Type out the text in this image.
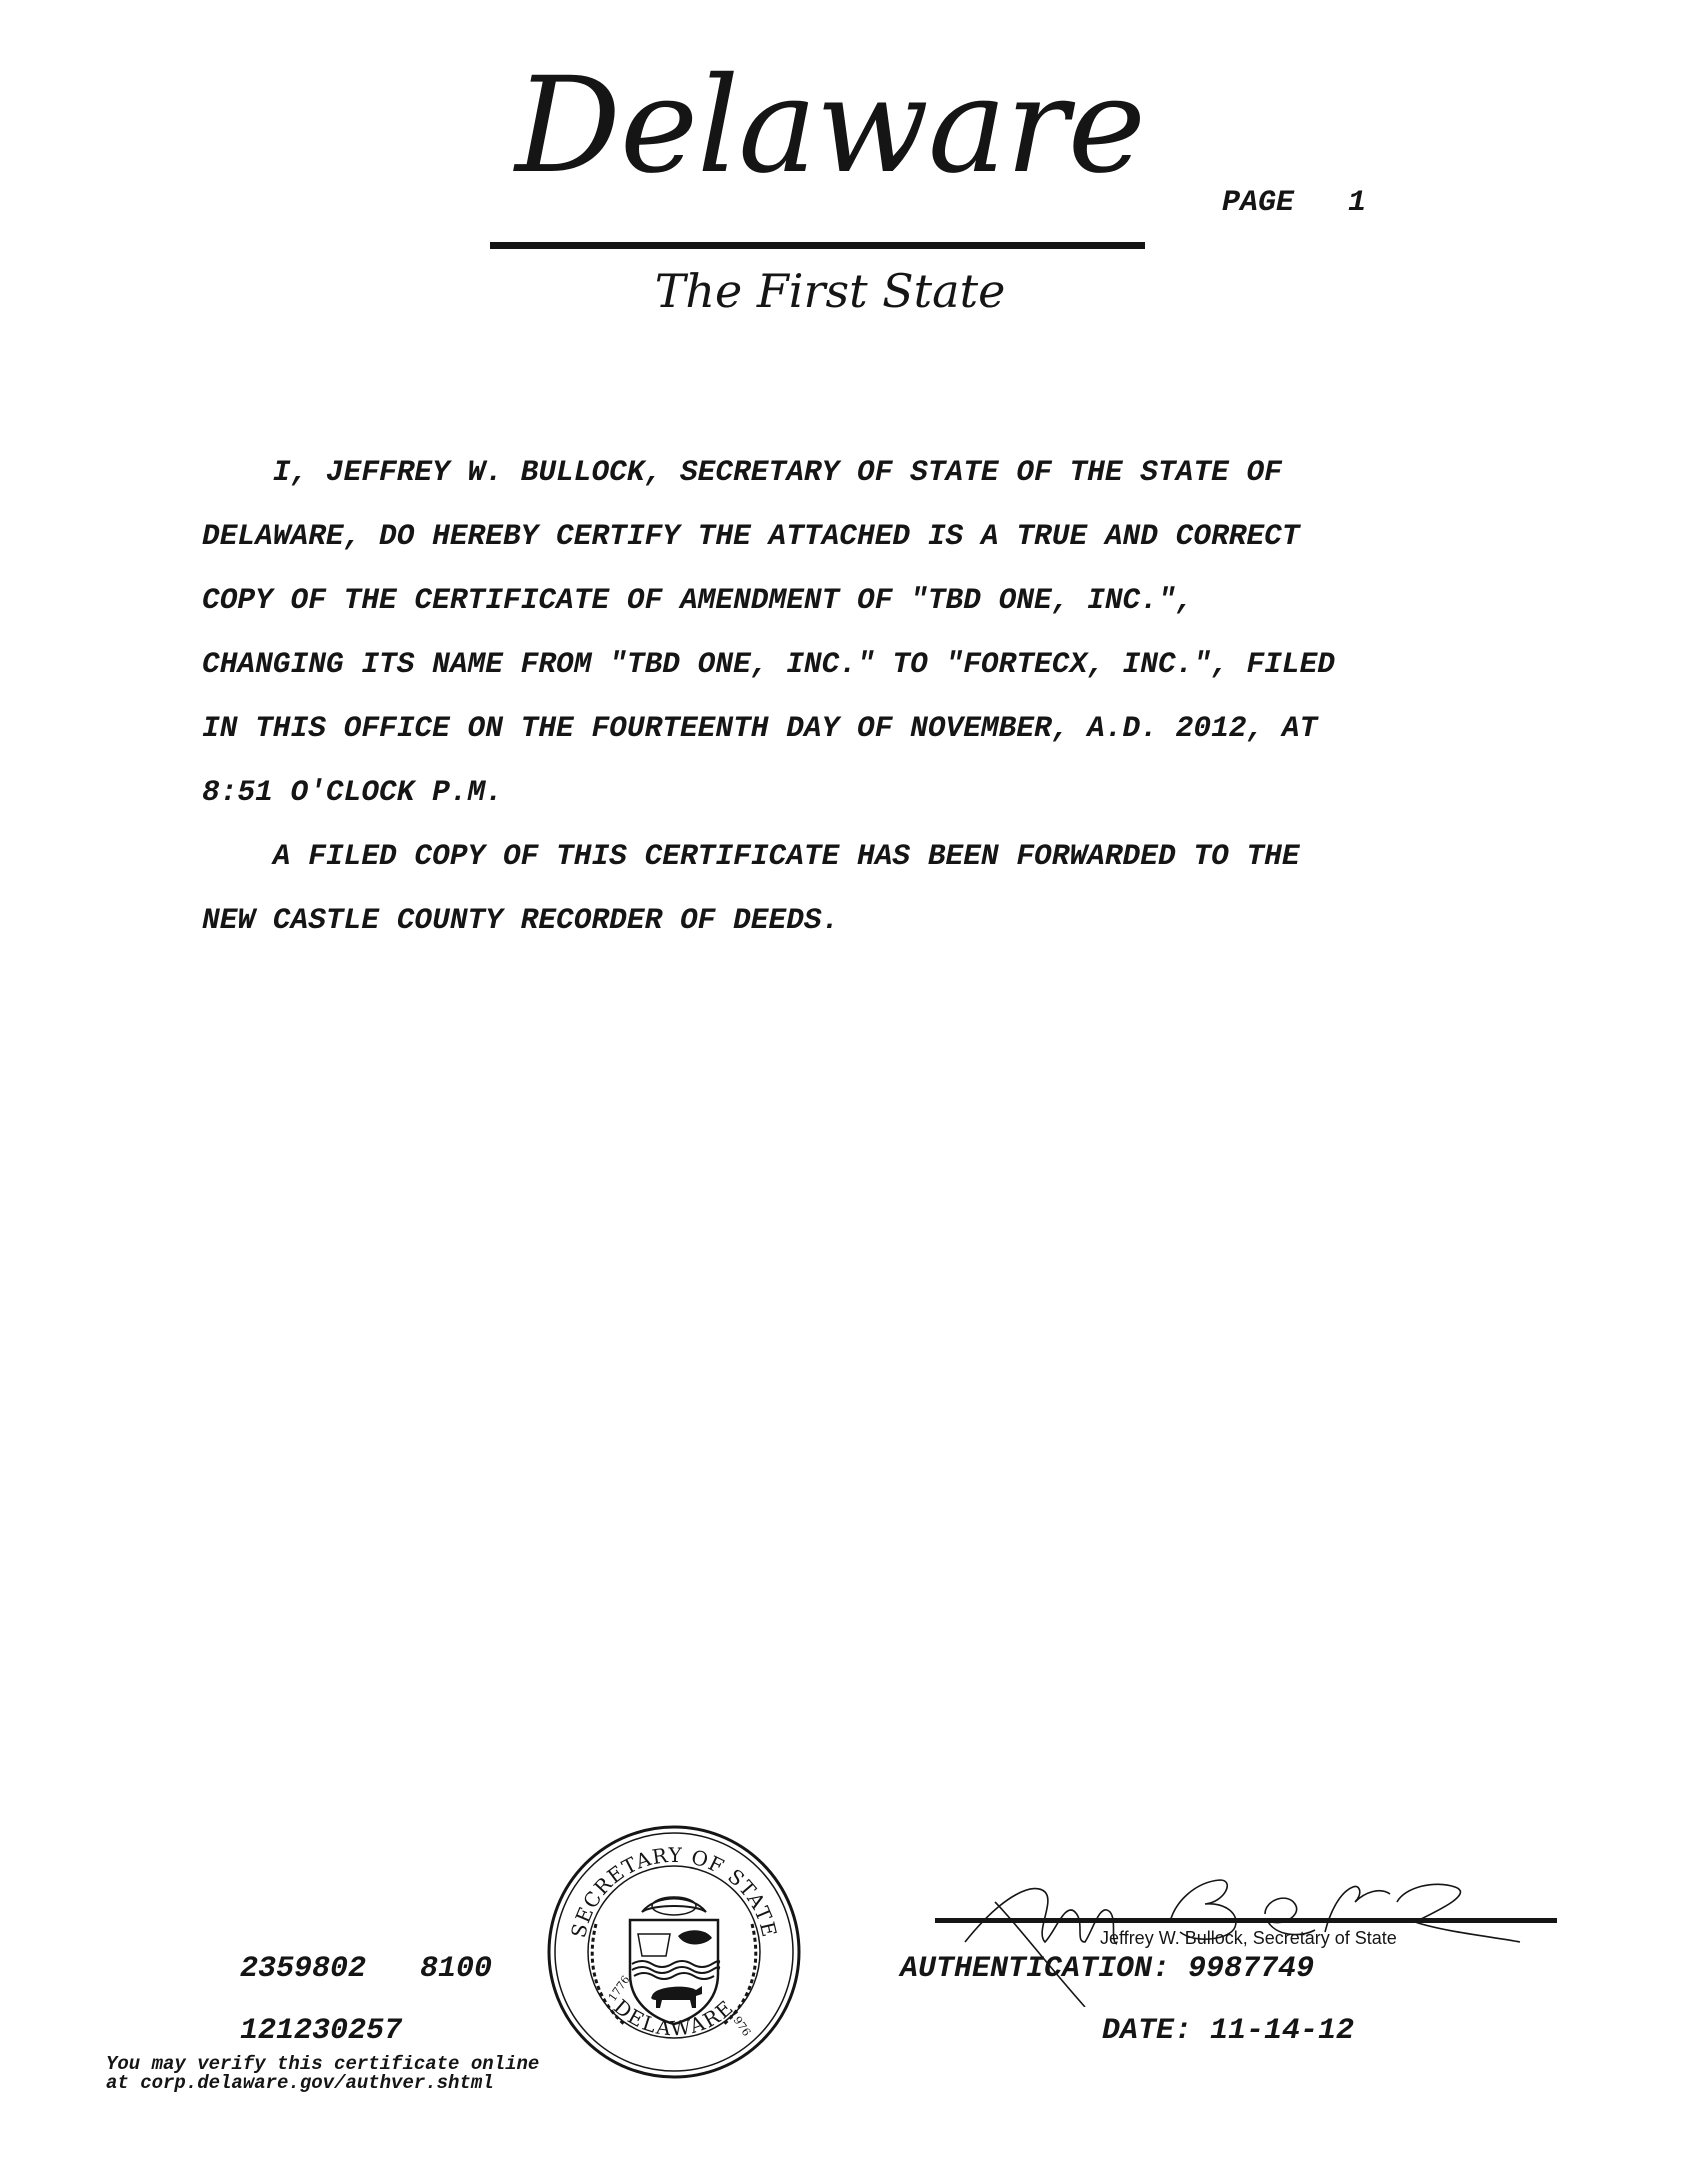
Delaware
The First State
PAGE   1
I, JEFFREY W. BULLOCK, SECRETARY OF STATE OF THE STATE OF
DELAWARE, DO HEREBY CERTIFY THE ATTACHED IS A TRUE AND CORRECT
COPY OF THE CERTIFICATE OF AMENDMENT OF "TBD ONE, INC.",
CHANGING ITS NAME FROM "TBD ONE, INC." TO "FORTECX, INC.", FILED
IN THIS OFFICE ON THE FOURTEENTH DAY OF NOVEMBER, A.D. 2012, AT
8:51 O'CLOCK P.M.
A FILED COPY OF THIS CERTIFICATE HAS BEEN FORWARDED TO THE
NEW CASTLE COUNTY RECORDER OF DEEDS.
SECRETARY OF STATE
DELAWARE
1776
1976
Jeffrey W. Bullock, Secretary of State
2359802   8100
121230257
AUTHENTICATION: 9987749
DATE: 11-14-12
You may verify this certificate online
at corp.delaware.gov/authver.shtml
